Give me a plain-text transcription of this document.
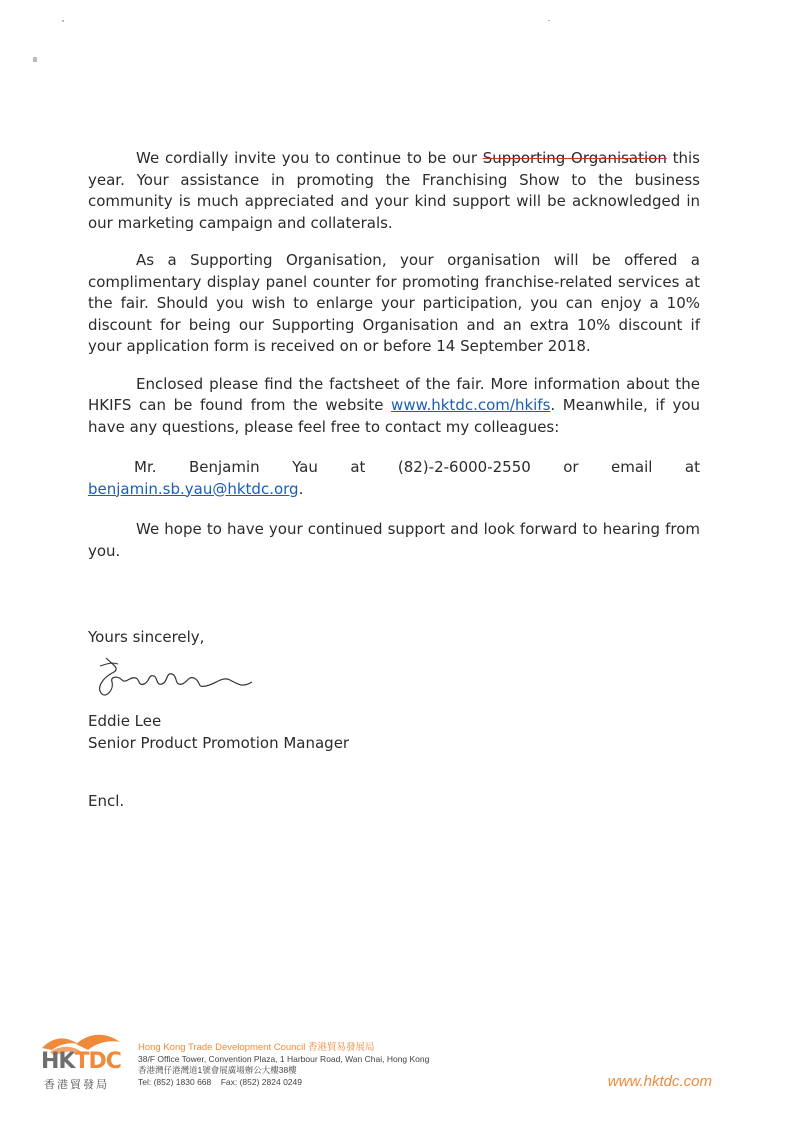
We cordially invite you to continue to be our Supporting Organisation this year. Your assistance in promoting the Franchising Show to the business community is much appreciated and your kind support will be acknowledged in our marketing campaign and collaterals.

As a Supporting Organisation, your organisation will be offered a complimentary display panel counter for promoting franchise-related services at the fair. Should you wish to enlarge your participation, you can enjoy a 10% discount for being our Supporting Organisation and an extra 10% discount if your application form is received on or before 14 September 2018.

Enclosed please find the factsheet of the fair. More information about the HKIFS can be found from the website www.hktdc.com/hkifs. Meanwhile, if you have any questions, please feel free to contact my colleagues:

Mr. Benjamin Yau at (82)-2-6000-2550 or email at
benjamin.sb.yau@hktdc.org.

We hope to have your continued support and look forward to hearing from you.

Yours sincerely,
Eddie Lee
Senior Product Promotion Manager
Encl.
HKTDC
香港貿發局
Hong Kong Trade Development Council 香港貿易發展局
38/F Office Tower, Convention Plaza, 1 Harbour Road, Wan Chai, Hong Kong
香港灣仔港灣道1號會展廣場辦公大樓38樓
Tel: (852) 1830 668 Fax: (852) 2824 0249	www.hktdc.com
